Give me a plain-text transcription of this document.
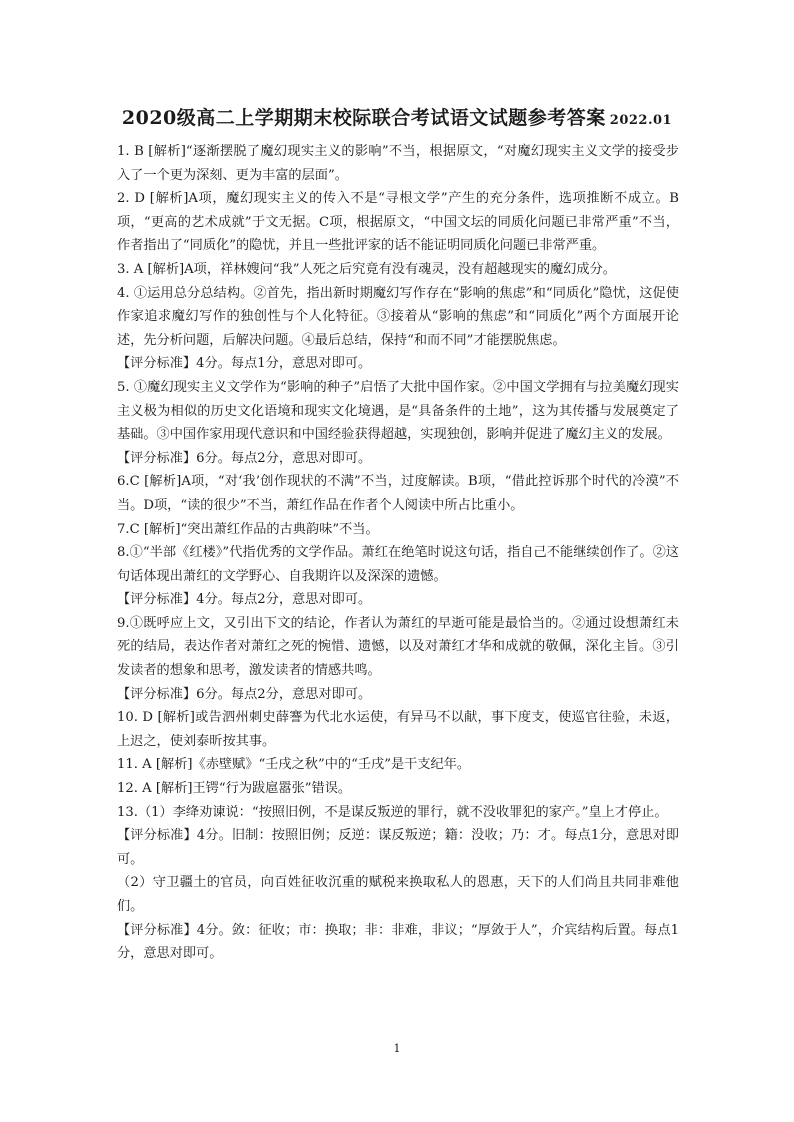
2020级高二上学期期末校际联合考试语文试题参考答案 2022.01

1. B [解析]“逐渐摆脱了魔幻现实主义的影响”不当，根据原文，“对魔幻现实主义文学的接受步入了一个更为深刻、更为丰富的层面”。

2. D [解析]A项，魔幻现实主义的传入不是“寻根文学”产生的充分条件，选项推断不成立。B项，“更高的艺术成就”于文无据。C项，根据原文，“中国文坛的同质化问题已非常严重”不当，作者指出了“同质化”的隐忧，并且一些批评家的话不能证明同质化问题已非常严重。

3. A [解析]A项，祥林嫂问“我”人死之后究竟有没有魂灵，没有超越现实的魔幻成分。

4. ①运用总分总结构。②首先，指出新时期魔幻写作存在“影响的焦虑”和“同质化”隐忧，这促使作家追求魔幻写作的独创性与个人化特征。③接着从“影响的焦虑”和“同质化”两个方面展开论述，先分析问题，后解决问题。④最后总结，保持“和而不同”才能摆脱焦虑。

【评分标准】4分。每点1分，意思对即可。

5. ①魔幻现实主义文学作为“影响的种子”启悟了大批中国作家。②中国文学拥有与拉美魔幻现实主义极为相似的历史文化语境和现实文化境遇，是“具备条件的土地”，这为其传播与发展奠定了基础。③中国作家用现代意识和中国经验获得超越，实现独创，影响并促进了魔幻主义的发展。

【评分标准】6分。每点2分，意思对即可。

6.C [解析]A项，“对‘我’创作现状的不满”不当，过度解读。B项，“借此控诉那个时代的冷漠”不当。D项，“读的很少”不当，萧红作品在作者个人阅读中所占比重小。

7.C [解析]“突出萧红作品的古典韵味”不当。

8.①“半部《红楼》”代指优秀的文学作品。萧红在绝笔时说这句话，指自己不能继续创作了。②这句话体现出萧红的文学野心、自我期许以及深深的遗憾。

【评分标准】4分。每点2分，意思对即可。

9.①既呼应上文，又引出下文的结论，作者认为萧红的早逝可能是最恰当的。②通过设想萧红未死的结局，表达作者对萧红之死的惋惜、遗憾，以及对萧红才华和成就的敬佩，深化主旨。③引发读者的想象和思考，激发读者的情感共鸣。

【评分标准】6分。每点2分，意思对即可。

10. D [解析]或告泗州刺史薛謇为代北水运使，有异马不以献，事下度支，使巡官往验，未返，上迟之，使刘泰昕按其事。

11. A [解析]《赤壁赋》“壬戌之秋”中的“壬戌”是干支纪年。

12. A [解析]王锷“行为跋扈嚣张”错误。

13.（1）李绛劝谏说：“按照旧例，不是谋反叛逆的罪行，就不没收罪犯的家产。”皇上才停止。

【评分标准】4分。旧制：按照旧例；反逆：谋反叛逆；籍：没收；乃：才。每点1分，意思对即可。

（2）守卫疆土的官员，向百姓征收沉重的赋税来换取私人的恩惠，天下的人们尚且共同非难他们。

【评分标准】4分。敛：征收；市：换取；非：非难，非议；“厚敛于人”，介宾结构后置。每点1分，意思对即可。

1
